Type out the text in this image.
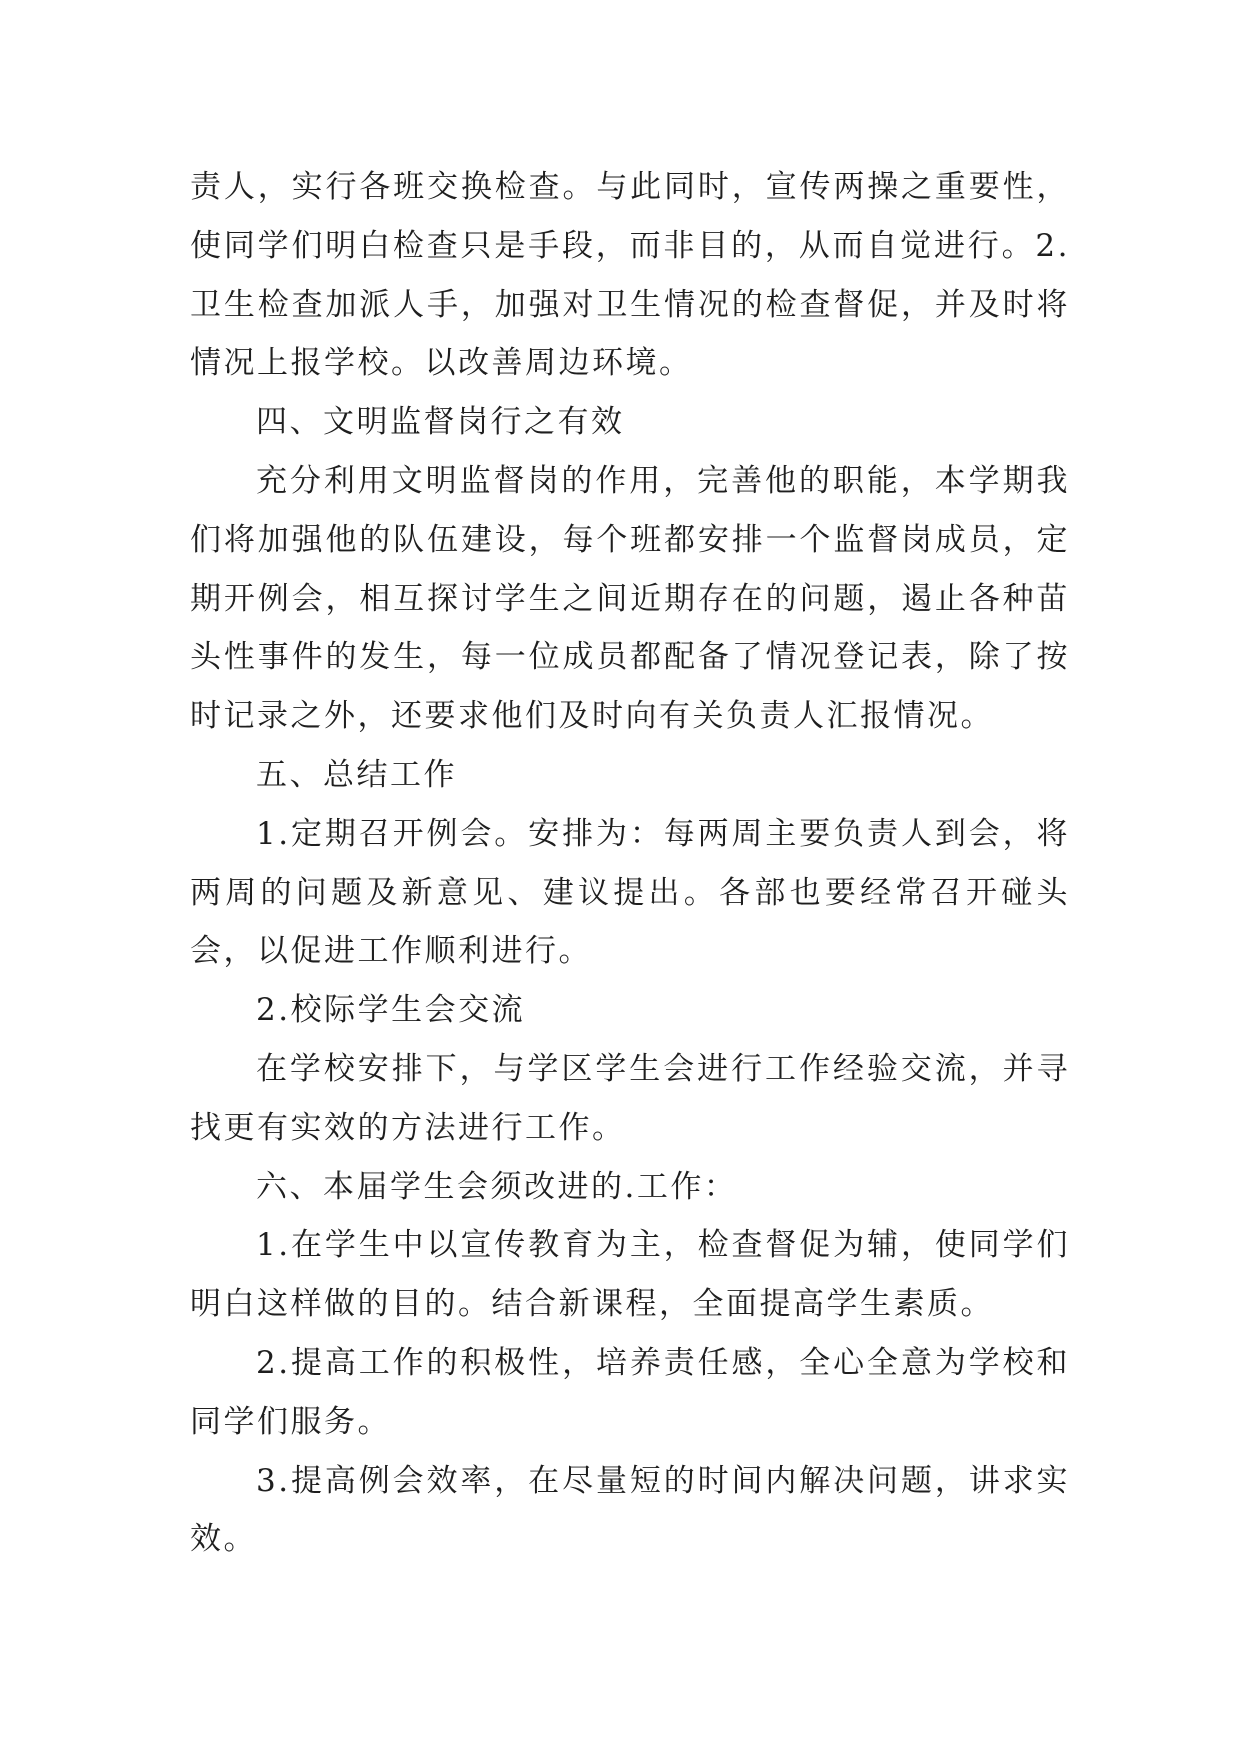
责人，实行各班交换检查。与此同时，宣传两操之重要性，使同学们明白检查只是手段，而非目的，从而自觉进行。2.卫生检查加派人手，加强对卫生情况的检查督促，并及时将情况上报学校。以改善周边环境。

四、文明监督岗行之有效

充分利用文明监督岗的作用，完善他的职能，本学期我们将加强他的队伍建设，每个班都安排一个监督岗成员，定期开例会，相互探讨学生之间近期存在的问题，遏止各种苗头性事件的发生，每一位成员都配备了情况登记表，除了按时记录之外，还要求他们及时向有关负责人汇报情况。

五、总结工作

1.定期召开例会。安排为：每两周主要负责人到会，将两周的问题及新意见、建议提出。各部也要经常召开碰头会，以促进工作顺利进行。

2.校际学生会交流

在学校安排下，与学区学生会进行工作经验交流，并寻找更有实效的方法进行工作。

六、本届学生会须改进的.工作：

1.在学生中以宣传教育为主，检查督促为辅，使同学们明白这样做的目的。结合新课程，全面提高学生素质。

2.提高工作的积极性，培养责任感，全心全意为学校和同学们服务。

3.提高例会效率，在尽量短的时间内解决问题，讲求实效。
